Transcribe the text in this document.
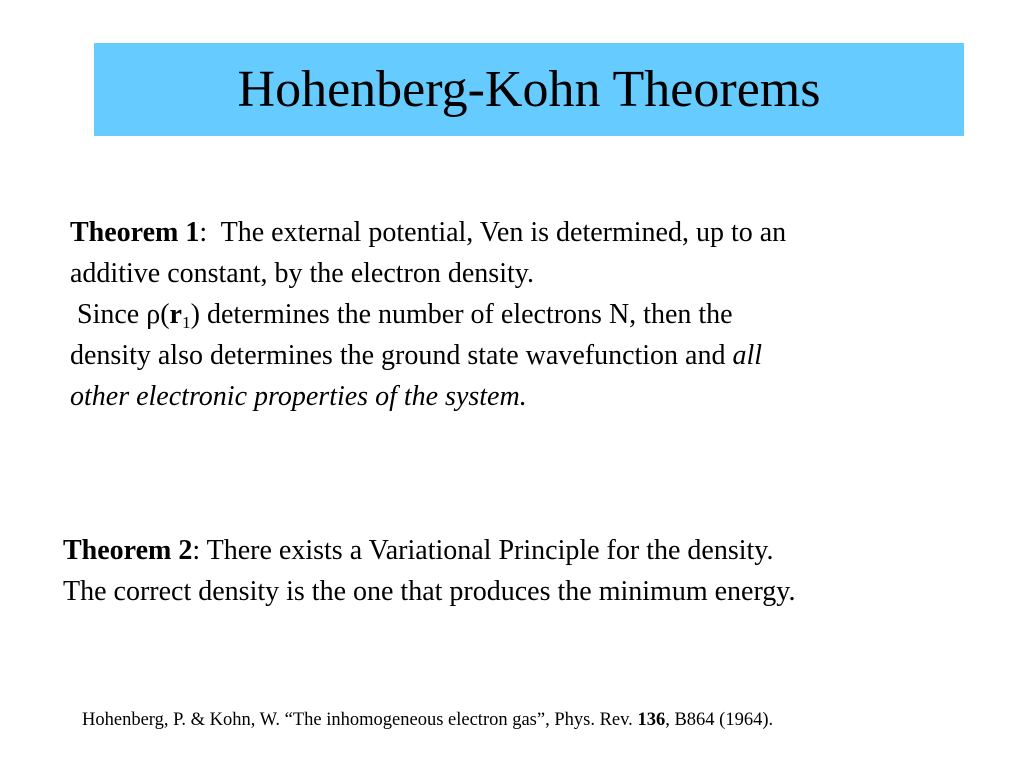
Hohenberg-Kohn Theorems
Theorem 1:  The external potential, Ven is determined, up to an
additive constant, by the electron density.
Since $\rho(r_1)$ determines the number of electrons N, then the
density also determines the ground state wavefunction and all
other electronic properties of the system.
Theorem 2: There exists a Variational Principle for the density.
The correct density is the one that produces the minimum energy.
Hohenberg, P. & Kohn, W. “The inhomogeneous electron gas”, Phys. Rev. 136, B864 (1964).
